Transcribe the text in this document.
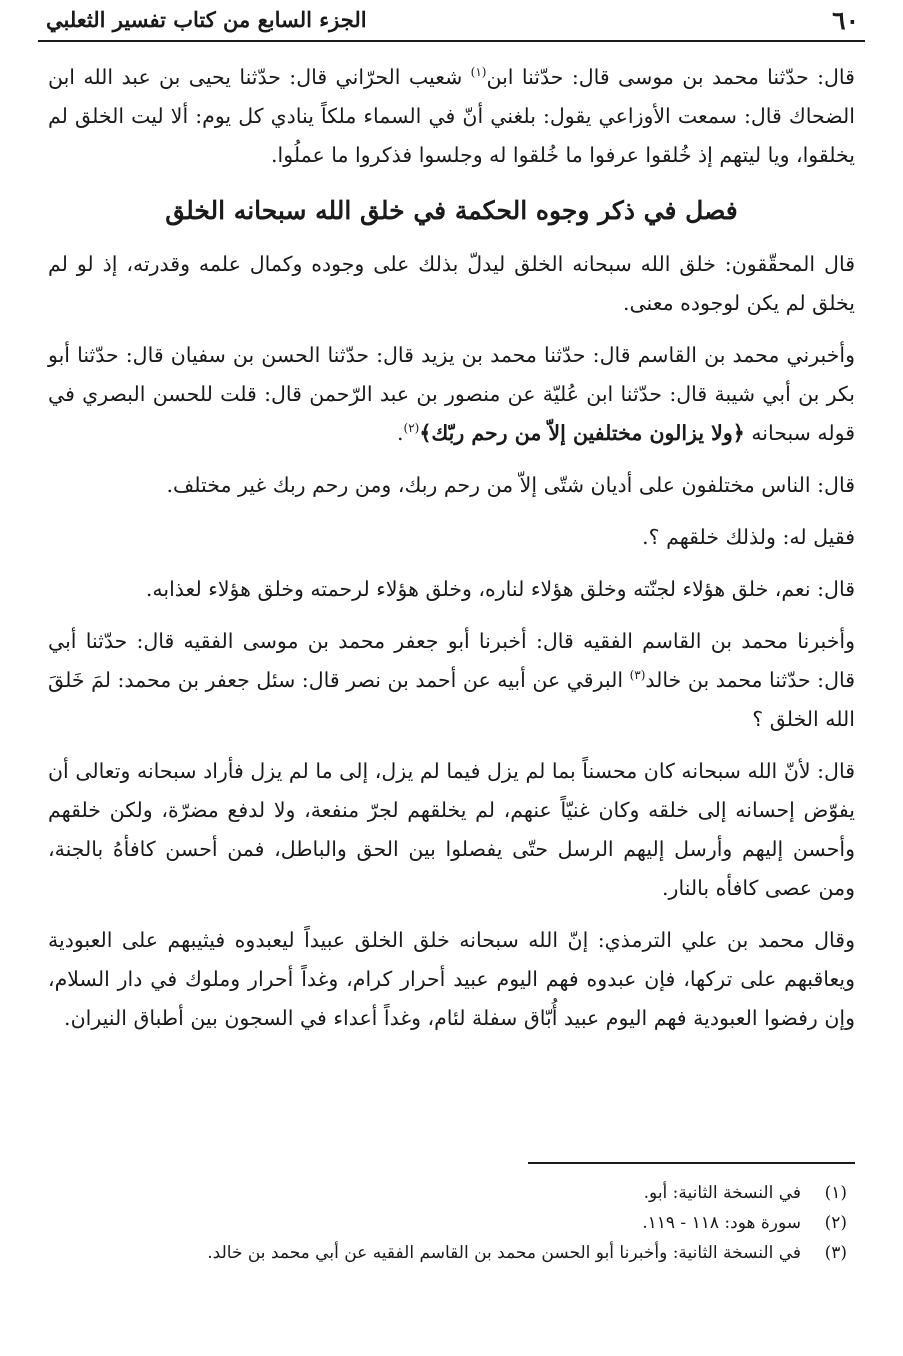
٦٠
الجزء السابع من كتاب تفسير الثعلبي

قال: حدّثنا محمد بن موسى قال: حدّثنا ابن$^{(١)}$ شعيب الحرّاني قال: حدّثنا يحيى بن عبد الله ابن الضحاك قال: سمعت الأوزاعي يقول: بلغني أنّ في السماء ملكاً ينادي كل يوم: ألا ليت الخلق لم يخلقوا، ويا ليتهم إذ خُلقوا عرفوا ما خُلقوا له وجلسوا فذكروا ما عملُوا.

فصل في ذكر وجوه الحكمة في خلق الله سبحانه الخلق

قال المحقّقون: خلق الله سبحانه الخلق ليدلّ بذلك على وجوده وكمال علمه وقدرته، إذ لو لم يخلق لم يكن لوجوده معنى.

وأخبرني محمد بن القاسم قال: حدّثنا محمد بن يزيد قال: حدّثنا الحسن بن سفيان قال: حدّثنا أبو بكر بن أبي شيبة قال: حدّثنا ابن عُليّة عن منصور بن عبد الرّحمن قال: قلت للحسن البصري في قوله سبحانه ﴿ولا يزالون مختلفين إلاّ من رحم ربّك﴾$^{(٢)}$.

قال: الناس مختلفون على أديان شتّى إلاّ من رحم ربك، ومن رحم ربك غير مختلف.

فقيل له: ولذلك خلقهم ؟.

قال: نعم، خلق هؤلاء لجنّته وخلق هؤلاء لناره، وخلق هؤلاء لرحمته وخلق هؤلاء لعذابه.

وأخبرنا محمد بن القاسم الفقيه قال: أخبرنا أبو جعفر محمد بن موسى الفقيه قال: حدّثنا أبي قال: حدّثنا محمد بن خالد$^{(٣)}$ البرقي عن أبيه عن أحمد بن نصر قال: سئل جعفر بن محمد: لمَ خَلقَ الله الخلق ؟

قال: لأنّ الله سبحانه كان محسناً بما لم يزل فيما لم يزل، إلى ما لم يزل فأراد سبحانه وتعالى أن يفوّض إحسانه إلى خلقه وكان غنيّاً عنهم، لم يخلقهم لجرّ منفعة، ولا لدفع مضرّة، ولكن خلقهم وأحسن إليهم وأرسل إليهم الرسل حتّى يفصلوا بين الحق والباطل، فمن أحسن كافأهُ بالجنة، ومن عصى كافأه بالنار.

وقال محمد بن علي الترمذي: إنّ الله سبحانه خلق الخلق عبيداً ليعبدوه فيثيبهم على العبودية ويعاقبهم على تركها، فإن عبدوه فهم اليوم عبيد أحرار كرام، وغداً أحرار وملوك في دار السلام، وإن رفضوا العبودية فهم اليوم عبيد أُبّاق سفلة لئام، وغداً أعداء في السجون بين أطباق النيران.

(١)
في النسخة الثانية: أبو.
(٢)
سورة هود: ١١٨ - ١١٩.
(٣)
في النسخة الثانية: وأخبرنا أبو الحسن محمد بن القاسم الفقيه عن أبي محمد بن خالد.
